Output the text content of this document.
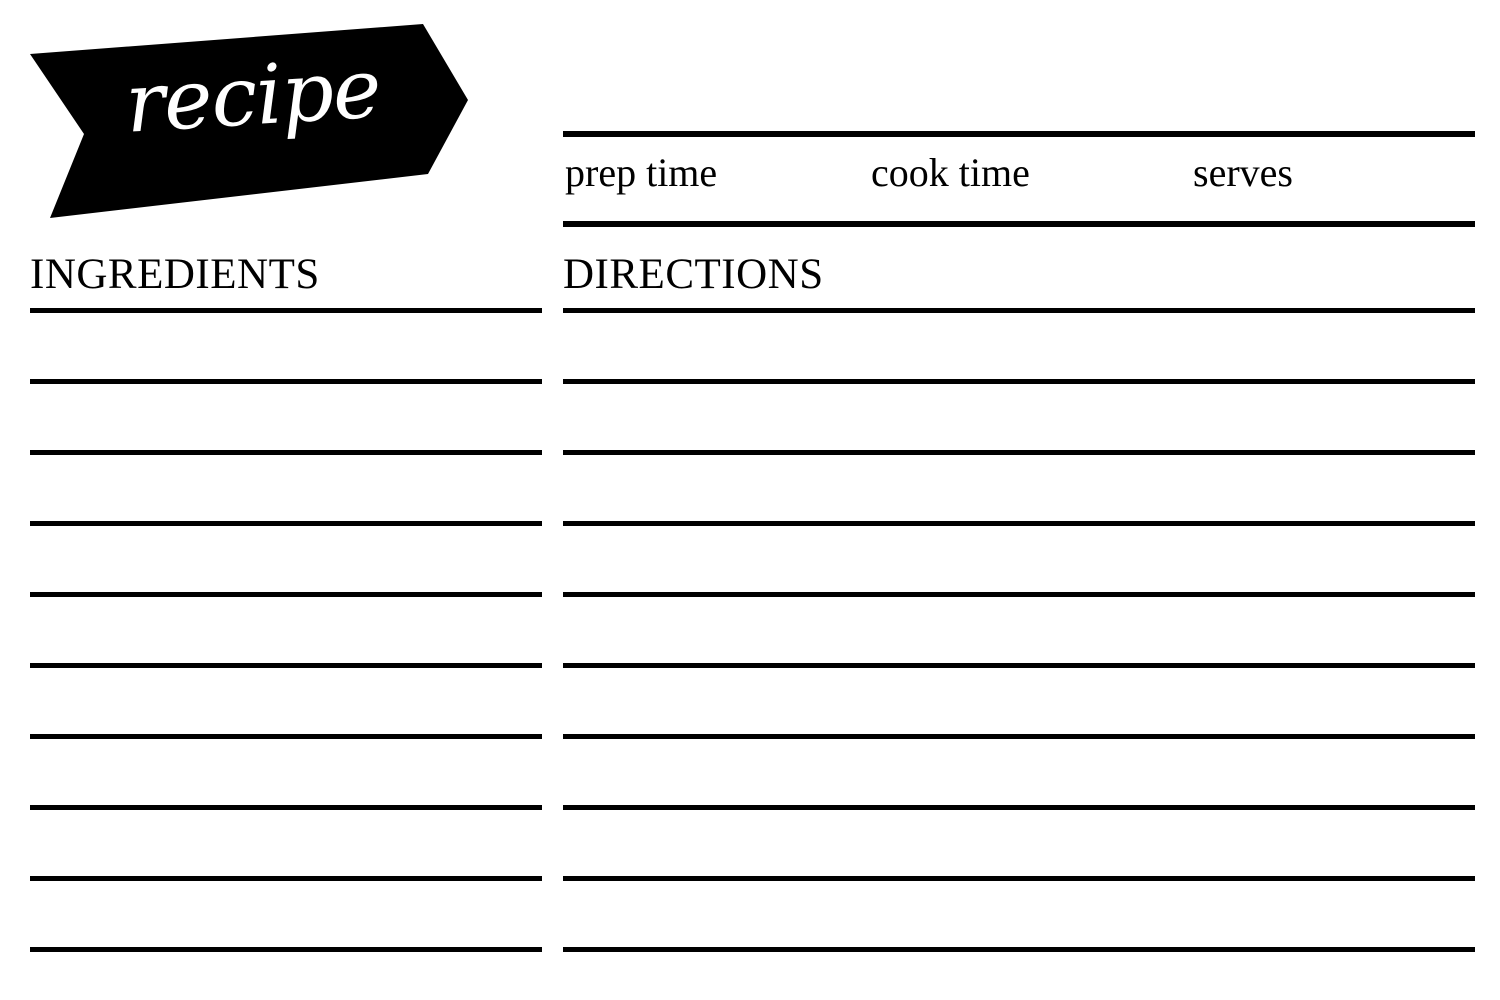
recipe
prep time	cook time	serves
INGREDIENTS	DIRECTIONS
